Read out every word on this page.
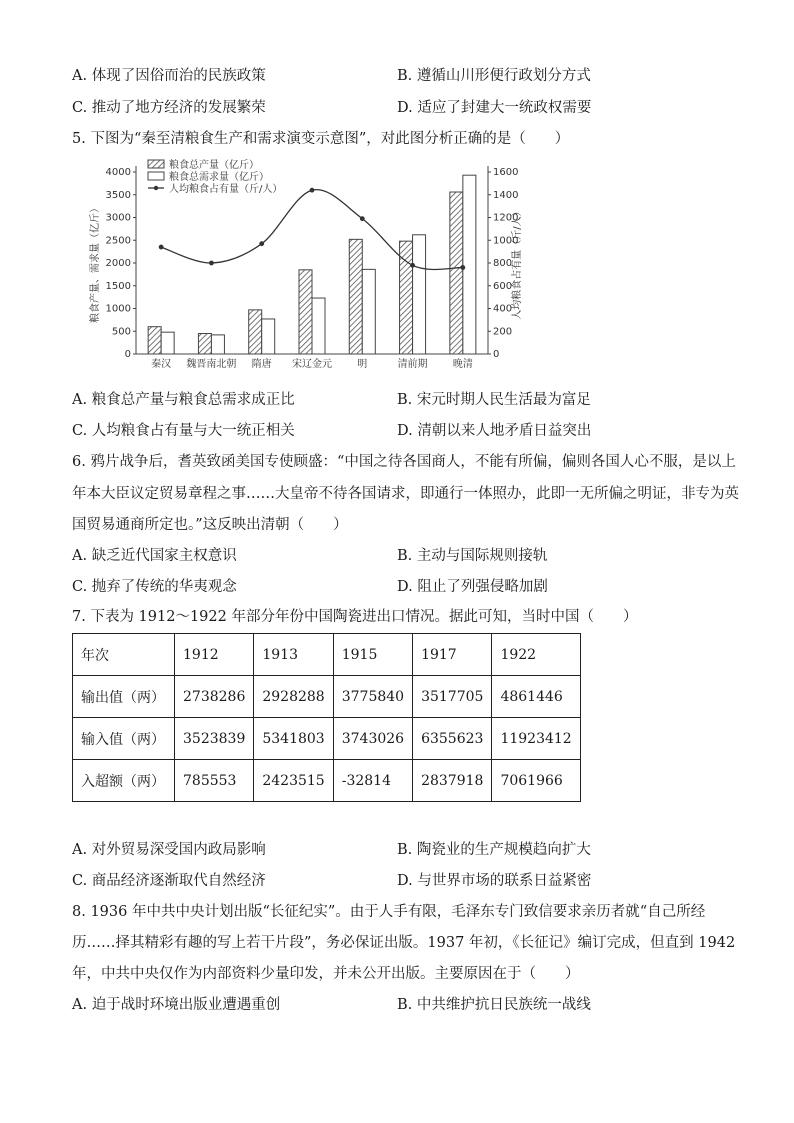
A. 体现了因俗而治的民族政策	B. 遵循山川形便行政划分方式
C. 推动了地方经济的发展繁荣	D. 适应了封建大一统政权需要
5. 下图为“秦至清粮食生产和需求演变示意图”，对此图分析正确的是（　　）
0
500
1000
1500
2000
2500
3000
3500
4000
0
200
400
600
800
1000
1200
1400
1600
秦汉 魏晋南北朝 隋唐 宋辽金元	明	清前期	晚清
粮食总产量（亿斤）
粮食总需求量（亿斤）
人均粮食占有量（斤/人）
粮食产量、需求量（亿斤）	人均粮食占有量（斤/人）
A. 粮食总产量与粮食总需求成正比	B. 宋元时期人民生活最为富足
C. 人均粮食占有量与大一统正相关	D. 清朝以来人地矛盾日益突出
6. 鸦片战争后，耆英致函美国专使顾盛：“中国之待各国商人，不能有所偏，偏则各国人心不服，是以上
年本大臣议定贸易章程之事……大皇帝不待各国请求，即通行一体照办，此即一无所偏之明证，非专为英
国贸易通商所定也。”这反映出清朝（　　）
A. 缺乏近代国家主权意识	B. 主动与国际规则接轨
C. 抛弃了传统的华夷观念	D. 阻止了列强侵略加剧
7. 下表为 1912～1922 年部分年份中国陶瓷进出口情况。据此可知，当时中国（　　）
年次	1912	1913	1915	1917	1922
输出值（两）	2738286	2928288	3775840	3517705	4861446
输入值（两）	3523839	5341803	3743026	6355623	11923412
入超额（两）	785553	2423515	-32814	2837918	7061966
A. 对外贸易深受国内政局影响	B. 陶瓷业的生产规模趋向扩大
C. 商品经济逐渐取代自然经济	D. 与世界市场的联系日益紧密
8. 1936 年中共中央计划出版“长征纪实”。由于人手有限，毛泽东专门致信要求亲历者就“自己所经
历……择其精彩有趣的写上若干片段”，务必保证出版。1937 年初，《长征记》编订完成，但直到 1942
年，中共中央仅作为内部资料少量印发，并未公开出版。主要原因在于（　　）
A. 迫于战时环境出版业遭遇重创	B. 中共维护抗日民族统一战线
